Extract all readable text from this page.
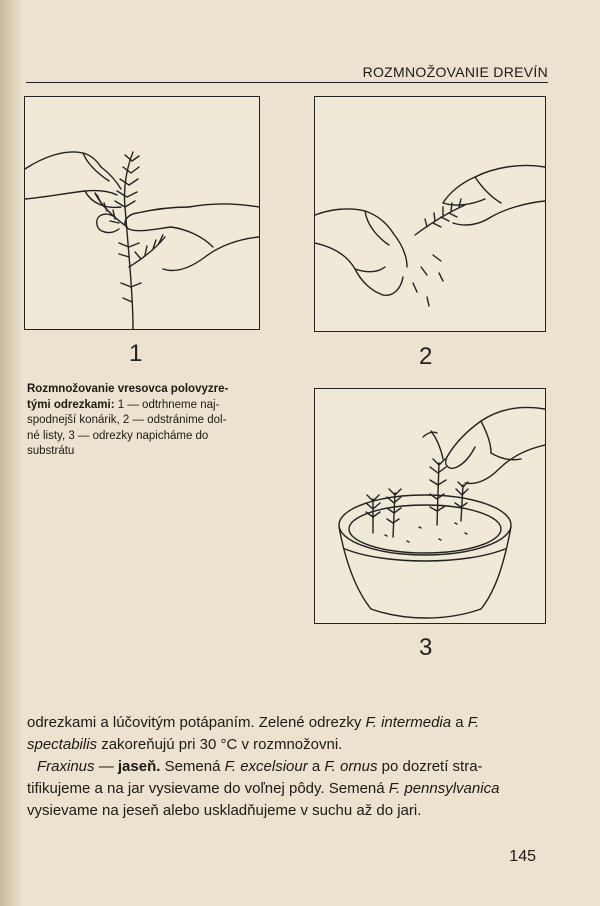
ROZMNOŽOVANIE DREVÍN
1	2
Rozmnožovanie vresovca polovyzre-
tými odrezkami: 1 — odtrhneme naj-
spodnejší konárik, 2 — odstránime dol-
né listy, 3 — odrezky napicháme do
substrátu
3

odrezkami a lúčovitým potápaním. Zelené odrezky F. intermedia a F.
spectabilis zakoreňujú pri 30 °C v rozmnožovni.

Fraxinus — jaseň. Semená F. excelsiour a F. ornus po dozretí stra-

tifikujeme a na jar vysievame do voľnej pôdy. Semená F. pennsylvanica
vysievame na jeseň alebo uskladňujeme v suchu až do jari.

145
